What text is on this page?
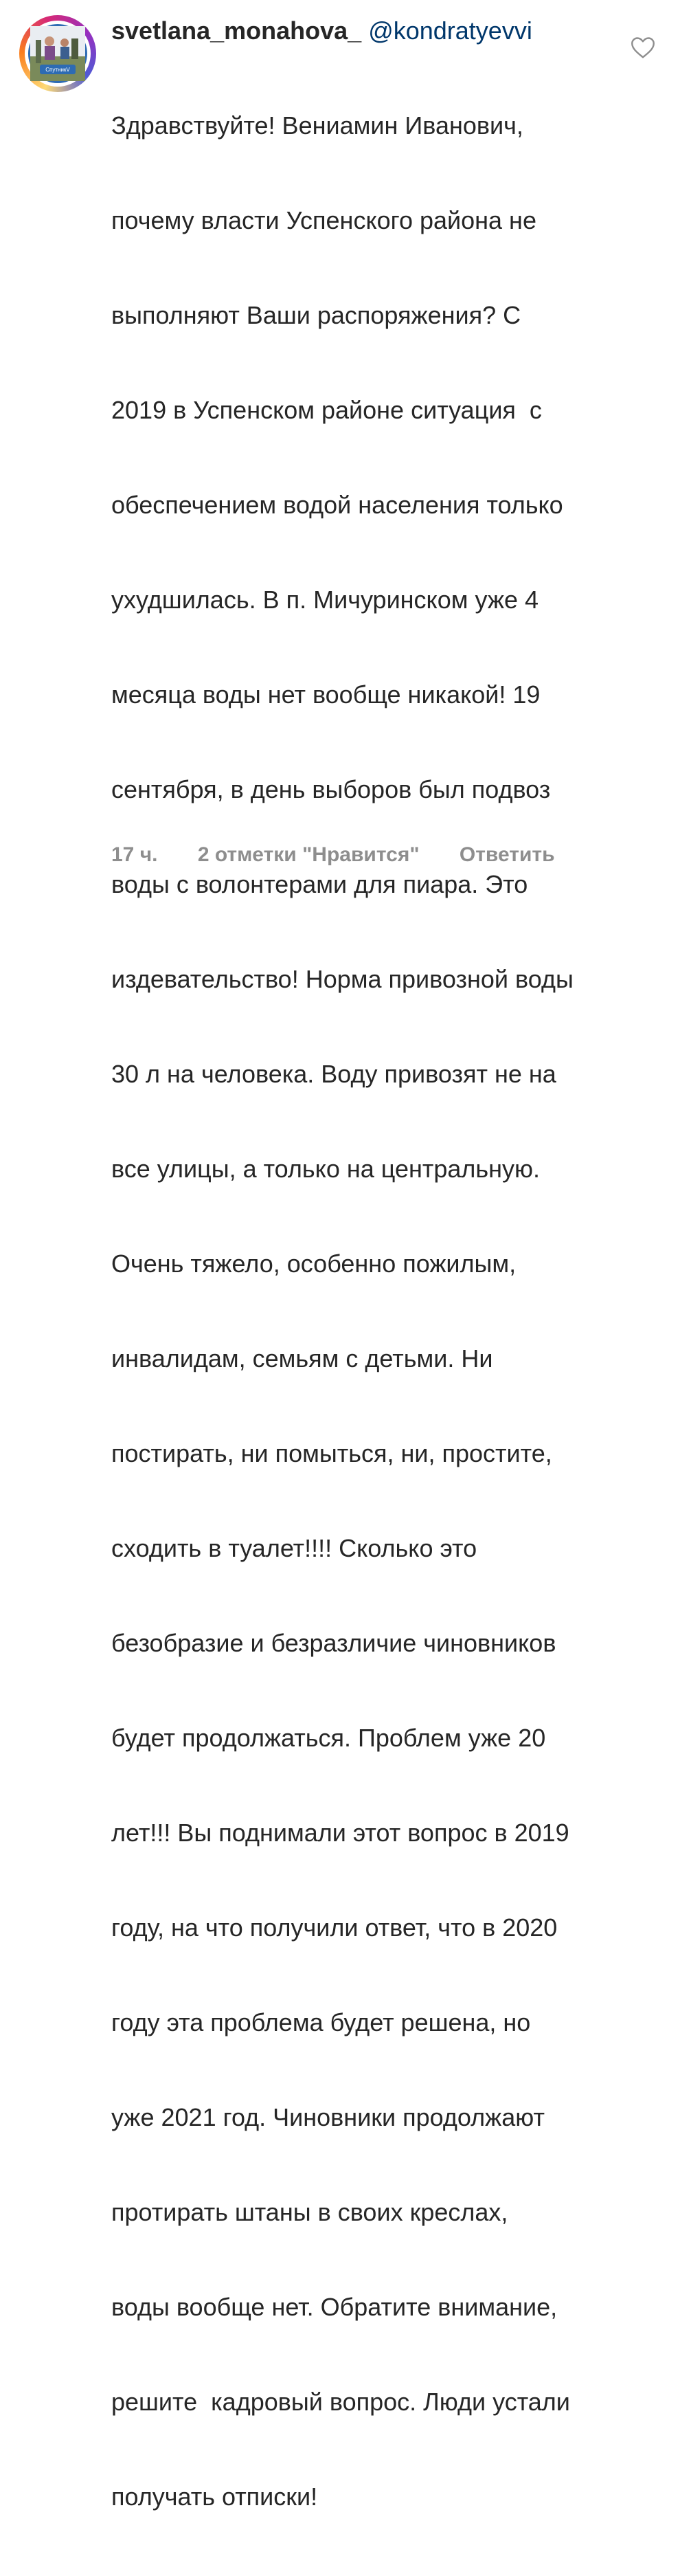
СпутникV
svetlana_monahova_ @kondratyevvi

Здравствуйте! Вениамин Иванович,

почему власти Успенского района не

выполняют Ваши распоряжения? С

2019 в Успенском районе ситуация  с

обеспечением водой населения только

ухудшилась. В п. Мичуринском уже 4

месяца воды нет вообще никакой! 19

сентября, в день выборов был подвоз

воды с волонтерами для пиара. Это

издевательство! Норма привозной воды

30 л на человека. Воду привозят не на

все улицы, а только на центральную.

Очень тяжело, особенно пожилым,

инвалидам, семьям с детьми. Ни

постирать, ни помыться, ни, простите,

сходить в туалет!!!! Сколько это

безобразие и безразличие чиновников

будет продолжаться. Проблем уже 20

лет!!! Вы поднимали этот вопрос в 2019

году, на что получили ответ, что в 2020

году эта проблема будет решена, но

уже 2021 год. Чиновники продолжают

протирать штаны в своих креслах,

воды вообще нет. Обратите внимание,

решите  кадровый вопрос. Люди устали

получать отписки!

17 ч. 2 отметки "Нравится" Ответить
